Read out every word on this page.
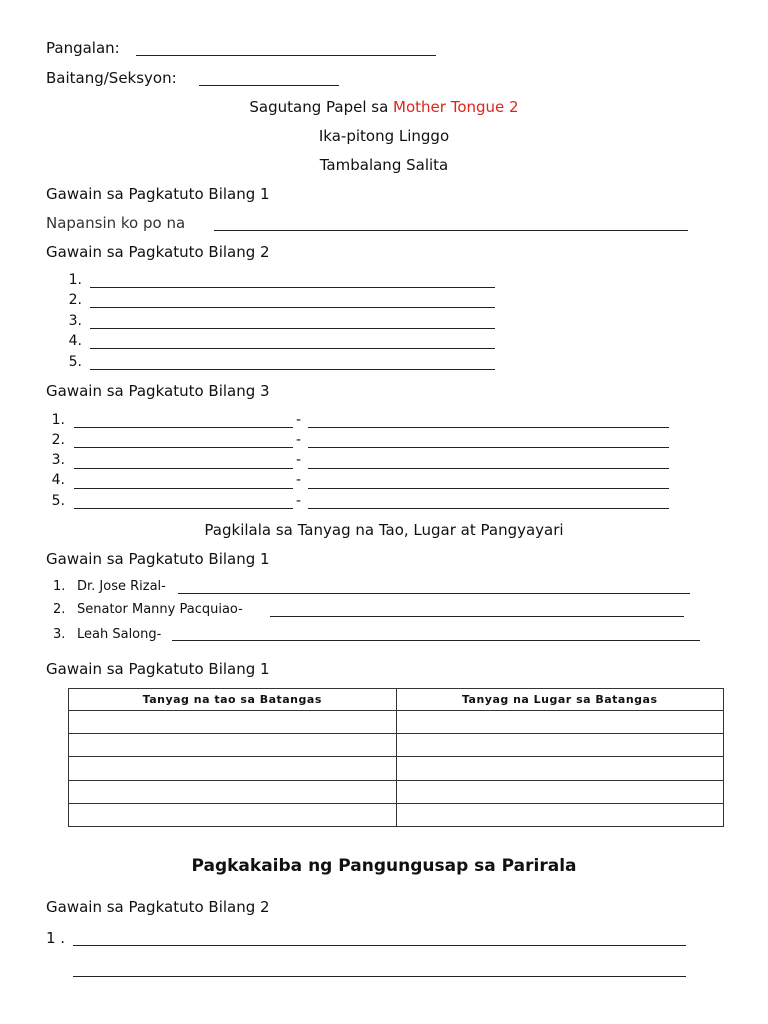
Pangalan:
Baitang/Seksyon:
Sagutang Papel sa Mother Tongue 2
Ika-pitong Linggo
Tambalang Salita
Gawain sa Pagkatuto Bilang 1
Napansin ko po na
Gawain sa Pagkatuto Bilang 2
1.
2.
3.
4.
5.
Gawain sa Pagkatuto Bilang 3
1.	-
2.	-
3.	-
4.	-
5.	-
Pagkilala sa Tanyag na Tao, Lugar at Pangyayari
Gawain sa Pagkatuto Bilang 1
1. Dr. Jose Rizal-
2. Senator Manny Pacquiao-
3. Leah Salong-
Gawain sa Pagkatuto Bilang 1
Tanyag na tao sa Batangas	Tanyag na Lugar sa Batangas

Pagkakaiba ng Pangungusap sa Parirala
Gawain sa Pagkatuto Bilang 2
1 .
